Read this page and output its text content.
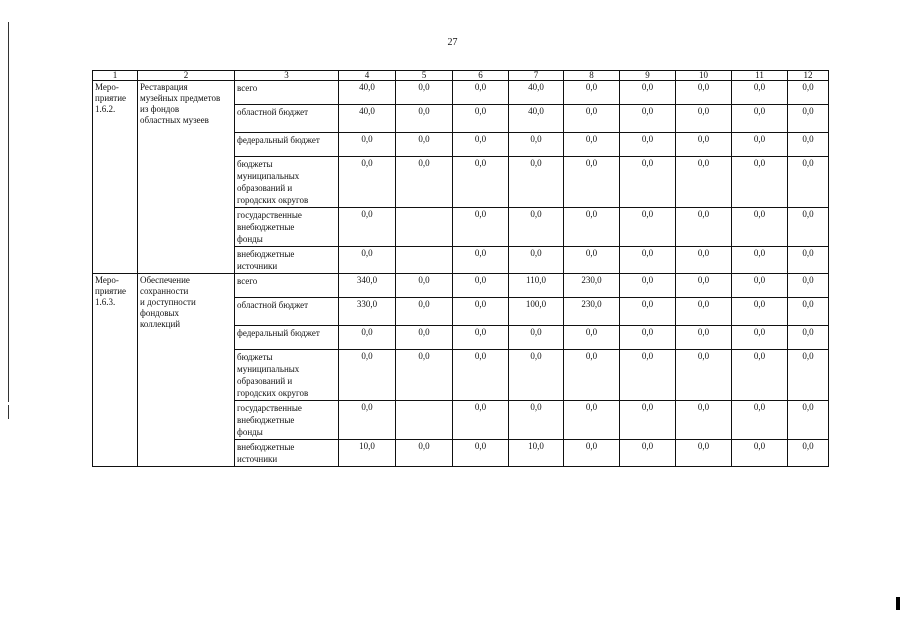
27
1	2	3	4	5	6	7	8	9	10	11	12
Меро-
приятие
1.6.2.	Реставрация
музейных предметов
из фондов
областных музеев	всего	40,0	0,0	0,0	40,0	0,0	0,0	0,0	0,0	0,0
		областной бюджет	40,0	0,0	0,0	40,0	0,0	0,0	0,0	0,0	0,0
		федеральный бюджет	0,0	0,0	0,0	0,0	0,0	0,0	0,0	0,0	0,0
		бюджеты
муниципальных
образований и
городских округов	0,0	0,0	0,0	0,0	0,0	0,0	0,0	0,0	0,0
		государственные
внебюджетные
фонды	0,0		0,0	0,0	0,0	0,0	0,0	0,0	0,0
		внебюджетные
источники	0,0		0,0	0,0	0,0	0,0	0,0	0,0	0,0
Меро-
приятие
1.6.3.	Обеспечение
сохранности
и доступности
фондовых
коллекций	всего	340,0	0,0	0,0	110,0	230,0	0,0	0,0	0,0	0,0
		областной бюджет	330,0	0,0	0,0	100,0	230,0	0,0	0,0	0,0	0,0
		федеральный бюджет	0,0	0,0	0,0	0,0	0,0	0,0	0,0	0,0	0,0
		бюджеты
муниципальных
образований и
городских округов	0,0	0,0	0,0	0,0	0,0	0,0	0,0	0,0	0,0
		государственные
внебюджетные
фонды	0,0		0,0	0,0	0,0	0,0	0,0	0,0	0,0
		внебюджетные
источники	10,0	0,0	0,0	10,0	0,0	0,0	0,0	0,0	0,0
